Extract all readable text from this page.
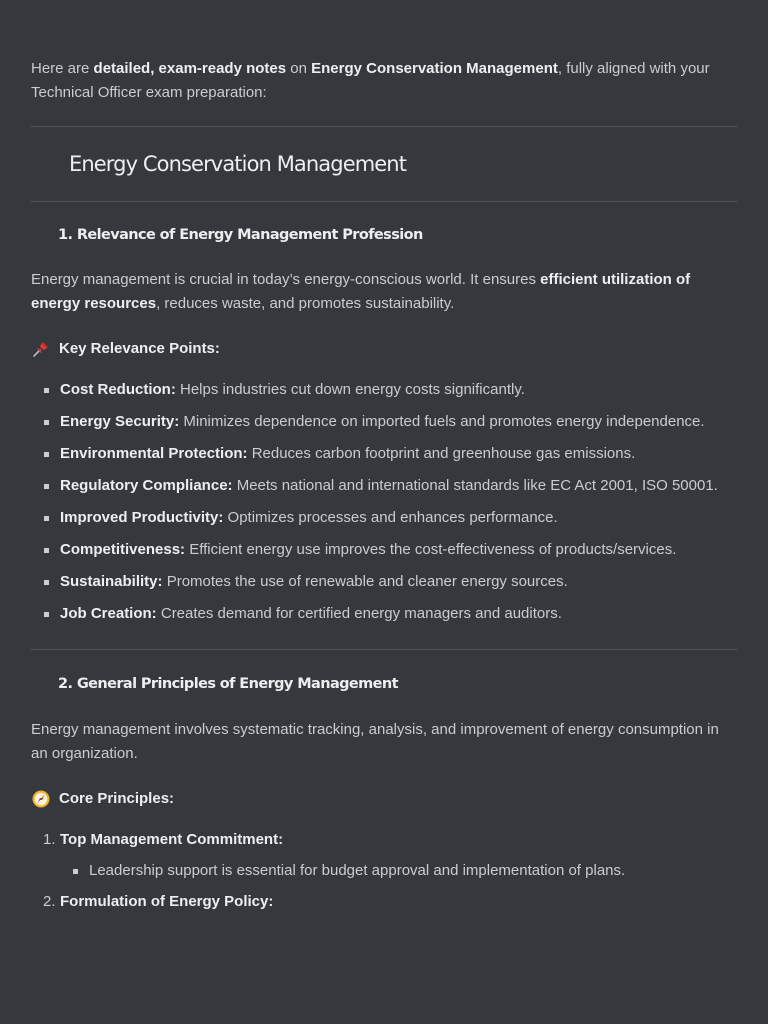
Here are detailed, exam-ready notes on Energy Conservation Management, fully aligned with your Technical Officer exam preparation:

Energy Conservation Management
1. Relevance of Energy Management Profession

Energy management is crucial in today’s energy-conscious world. It ensures efficient utilization of energy resources, reduces waste, and promotes sustainability.

Key Relevance Points:
Cost Reduction: Helps industries cut down energy costs significantly.
Energy Security: Minimizes dependence on imported fuels and promotes energy independence.
Environmental Protection: Reduces carbon footprint and greenhouse gas emissions.
Regulatory Compliance: Meets national and international standards like EC Act 2001, ISO 50001.
Improved Productivity: Optimizes processes and enhances performance.
Competitiveness: Efficient energy use improves the cost-effectiveness of products/services.
Sustainability: Promotes the use of renewable and cleaner energy sources.
Job Creation: Creates demand for certified energy managers and auditors.
2. General Principles of Energy Management

Energy management involves systematic tracking, analysis, and improvement of energy consumption in an organization.

Core Principles:
1. Top Management Commitment:
Leadership support is essential for budget approval and implementation of plans.
2. Formulation of Energy Policy:
